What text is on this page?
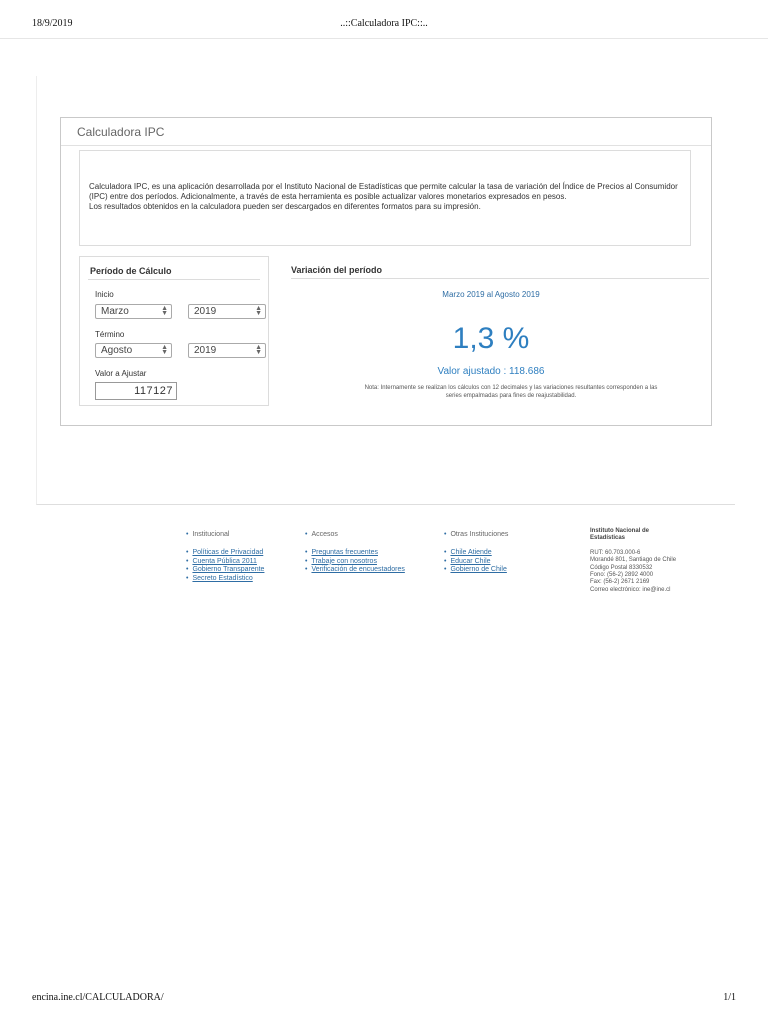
18/9/2019	..::Calculadora IPC::..
Calculadora IPC

Calculadora IPC, es una aplicación desarrollada por el Instituto Nacional de Estadísticas que permite calcular la tasa de variación del Índice de Precios al Consumidor (IPC) entre dos períodos. Adicionalmente, a través de esta herramienta es posible actualizar valores monetarios expresados en pesos.

Los resultados obtenidos en la calculadora pueden ser descargados en diferentes formatos para su impresión.

Período de Cálculo
Inicio
Marzo	▲
▼	2019	▲
▼
Término
Agosto	▲
▼	2019	▲
▼
Valor a Ajustar
117127
Variación del período
Marzo 2019 al Agosto 2019
1,3 %
Valor ajustado : 118.686
Nota: Internamente se realizan los cálculos con 12 decimales y las variaciones resultantes corresponden a las series empalmadas para fines de reajustabilidad.
• Institucional
• Políticas de Privacidad
• Cuenta Pública 2011
• Gobierno Transparente
• Secreto Estadístico
• Accesos
• Preguntas frecuentes
• Trabaje con nosotros
• Verificación de encuestadores
• Otras Instituciones
• Chile Atiende
• Educar Chile
• Gobierno de Chile
Instituto Nacional de Estadísticas
RUT: 60.703.000-6
Morandé 801, Santiago de Chile
Código Postal 8330532
Fono: (56-2) 2892 4000
Fax: (56-2) 2671 2169
Correo electrónico: ine@ine.cl
encina.ine.cl/CALCULADORA/	1/1
